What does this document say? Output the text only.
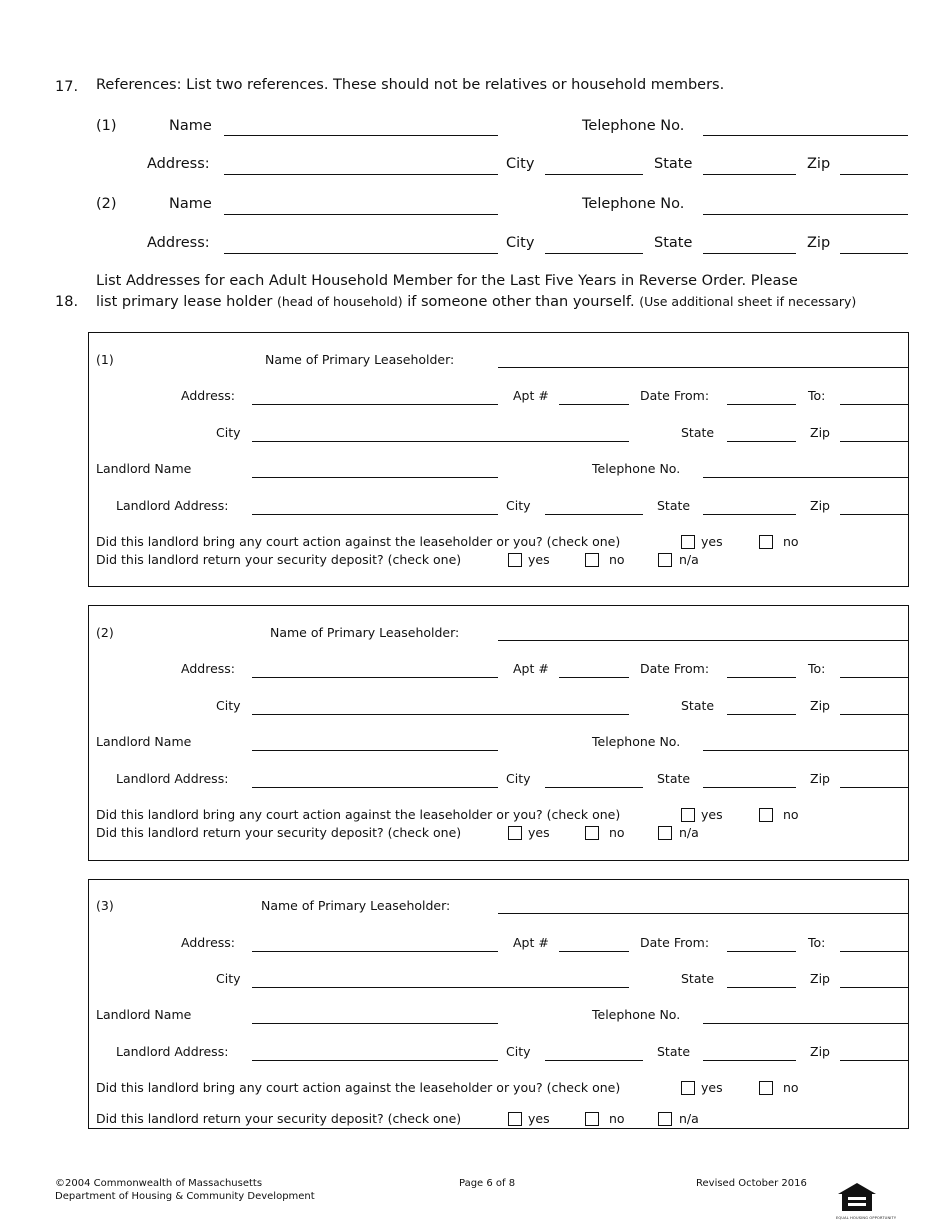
17. References: List two references. These should not be relatives or household members.
(1)	Name	Telephone No.
Address:	City	State	Zip
(2)	Name	Telephone No.
Address:	City	State	Zip
List Addresses for each Adult Household Member for the Last Five Years in Reverse Order. Please
18. list primary lease holder (head of household) if someone other than yourself. (Use additional sheet if necessary)
(1)	Name of Primary Leaseholder:
Address:	Apt #	Date From:	To:
City	State	Zip
Landlord Name	Telephone No.
Landlord Address:	City	State	Zip
Did this landlord bring any court action against the leaseholder or you? (check one)	yes	no
Did this landlord return your security deposit? (check one)	yes	no	n/a
(2)	Name of Primary Leaseholder:
Address:	Apt #	Date From:	To:
City	State	Zip
Landlord Name	Telephone No.
Landlord Address:	City	State	Zip
Did this landlord bring any court action against the leaseholder or you? (check one)	yes	no
Did this landlord return your security deposit? (check one)	yes	no	n/a
(3)	Name of Primary Leaseholder:
Address:	Apt #	Date From:	To:
City	State	Zip
Landlord Name	Telephone No.
Landlord Address:	City	State	Zip
Did this landlord bring any court action against the leaseholder or you? (check one)	yes	no
Did this landlord return your security deposit? (check one)	yes	no	n/a
©2004 Commonwealth of Massachusetts
Department of Housing & Community Development
Page 6 of 8	Revised October 2016
EQUAL HOUSING OPPORTUNITY
